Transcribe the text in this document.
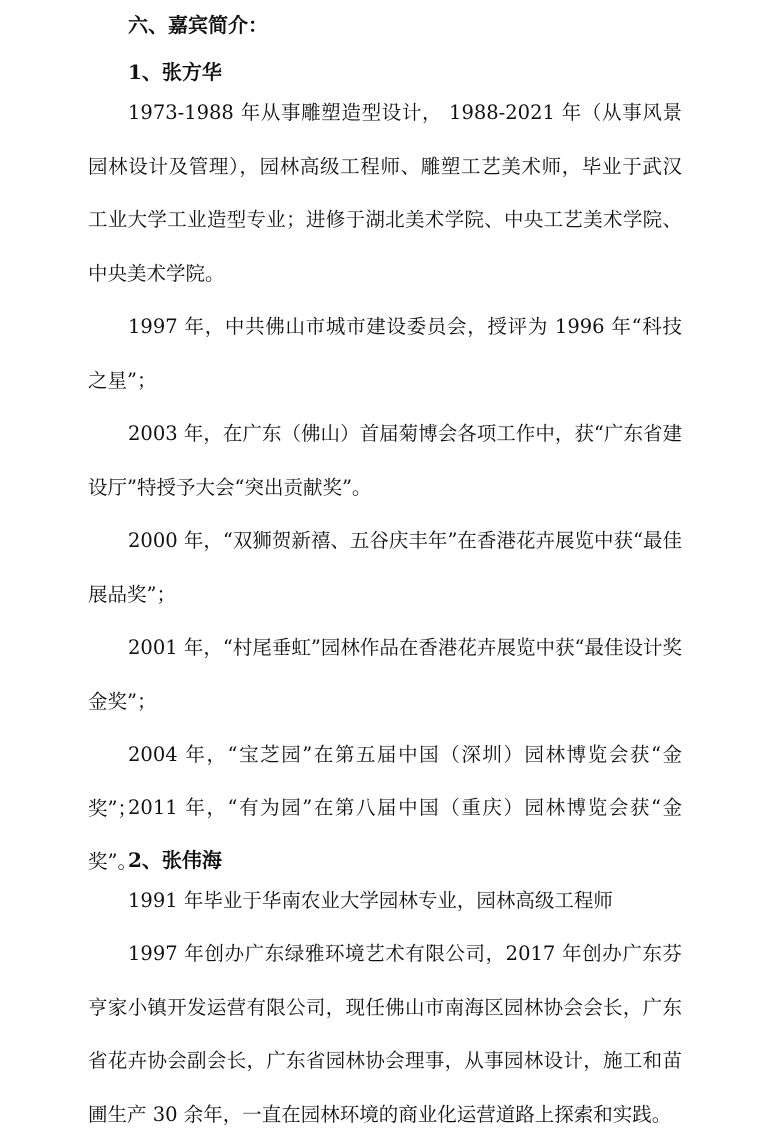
六、嘉宾简介：
1、张方华

1973-1988 年从事雕塑造型设计， 1988-2021 年（从事风景园林设计及管理），园林高级工程师、雕塑工艺美术师，毕业于武汉工业大学工业造型专业；进修于湖北美术学院、中央工艺美术学院、中央美术学院。

1997 年，中共佛山市城市建设委员会，授评为 1996 年“科技之星”；

2003 年，在广东（佛山）首届菊博会各项工作中，获“广东省建设厅”特授予大会“突出贡献奖”。

2000 年，“双狮贺新禧、五谷庆丰年”在香港花卉展览中获“最佳展品奖”；

2001 年，“村尾垂虹”园林作品在香港花卉展览中获“最佳设计奖金奖”；

2004 年，“宝芝园”在第五届中国（深圳）园林博览会获“金奖”；

2011 年，“有为园”在第八届中国（重庆）园林博览会获“金奖”。

2、张伟海

1991 年毕业于华南农业大学园林专业，园林高级工程师

1997 年创办广东绿雅环境艺术有限公司，2017 年创办广东芬亨家小镇开发运营有限公司，现任佛山市南海区园林协会会长，广东省花卉协会副会长，广东省园林协会理事，从事园林设计，施工和苗圃生产 30 余年，一直在园林环境的商业化运营道路上探索和实践。
